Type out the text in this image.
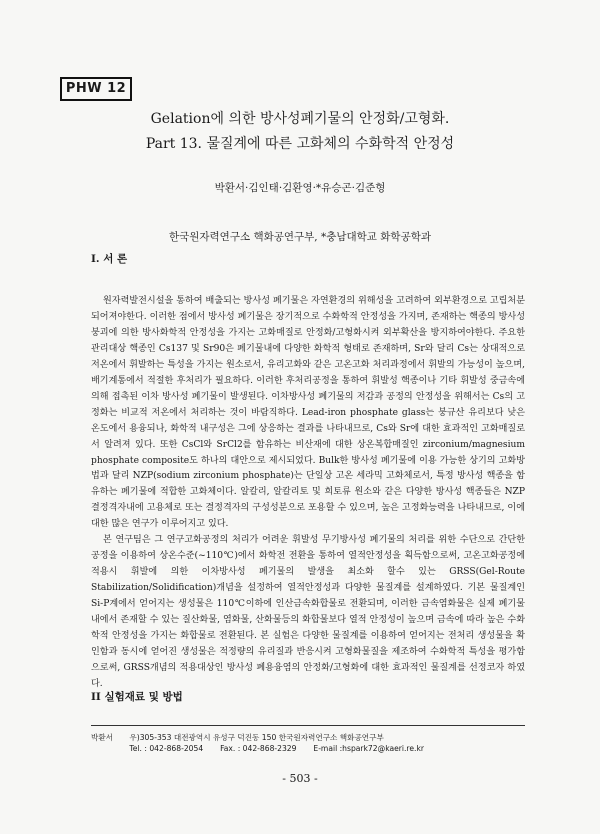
PHW 12
Gelation에 의한 방사성폐기물의 안정화/고형화.
Part 13. 물질계에 따른 고화체의 수화학적 안정성
박환서·김인태·김환영·*유승곤·김준형
한국원자력연구소 핵화공연구부, *충남대학교 화학공학과
I. 서 론

원자력발전시설을 통하여 배출되는 방사성 폐기물은 자연환경의 위해성을 고려하여 외부환경으로 고립처분 되어져야한다. 이러한 점에서 방사성 폐기물은 장기적으로 수화학적 안정성을 가지며, 존재하는 핵종의 방사성붕괴에 의한 방사화학적 안정성을 가지는 고화매질로 안정화/고형화시켜 외부확산을 방지하여야한다. 주요한 관리대상 핵종인 Cs137 및 Sr90은 폐기물내에 다양한 화학적 형태로 존재하며, Sr와 달리 Cs는 상대적으로 저온에서 휘발하는 특성을 가지는 원소로서, 유리고화와 같은 고온고화 처리과정에서 휘발의 가능성이 높으며, 배기계통에서 적절한 후처리가 필요하다. 이러한 후처리공정을 통하여 휘발성 핵종이나 기타 휘발성 중금속에 의해 접촉된 이차 방사성 폐기물이 발생된다. 이차방사성 폐기물의 저감과 공정의 안정성을 위해서는 Cs의 고정화는 비교적 저온에서 처리하는 것이 바람직하다. Lead-iron phosphate glass는 붕규산 유리보다 낮은 온도에서 용융되나, 화학적 내구성은 그에 상응하는 결과를 나타내므로, Cs와 Sr에 대한 효과적인 고화매질로서 알려져 있다. 또한 CsCl와 SrCl2를 함유하는 비산재에 대한 상온복합매질인 zirconium/magnesium phosphate composite도 하나의 대안으로 제시되었다. Bulk한 방사성 폐기물에 이용 가능한 상기의 고화방법과 달리 NZP(sodium zirconium phosphate)는 단일상 고온 세라믹 고화체로서, 특정 방사성 핵종을 함유하는 폐기물에 적합한 고화체이다. 알칼리, 알칼리토 및 희토류 원소와 같은 다양한 방사성 핵종들은 NZP 결정격자내에 고용체로 또는 결정격자의 구성성분으로 포용할 수 있으며, 높은 고정화능력을 나타내므로, 이에 대한 많은 연구가 이루어지고 있다.

본 연구팀은 그 연구고화공정의 처리가 어려운 휘발성 무기방사성 폐기물의 처리를 위한 수단으로 간단한 공정을 이용하여 상온수준(~110℃)에서 화학전 전환을 통하여 열적안정성을 획득함으로써, 고온고화공정에 적용시 휘발에 의한 이차방사성 폐기물의 발생을 최소화 할수 있는 GRSS(Gel-Route Stabilization/Solidification)개념을 설정하여 열적안정성과 다양한 물질계를 설계하였다. 기본 물질계인 Si-P계에서 얻어지는 생성물은 110℃이하에 인산금속화합물로 전환되며, 이러한 금속염화물은 실제 폐기물내에서 존재할 수 있는 질산화물, 염화물, 산화물등의 화합물보다 열적 안정성이 높으며 금속에 따라 높은 수화학적 안정성을 가지는 화합물로 전환된다. 본 실험은 다양한 물질계를 이용하여 얻어지는 전처리 생성물을 확인함과 동시에 얻어진 생성물은 적정량의 유리질과 반응시켜 고형화물질을 제조하여 수화학적 특성을 평가함으로써, GRSS개념의 적용대상인 방사성 폐용융염의 안정화/고형화에 대한 효과적인 물질계를 선정코자 하였다.

II 실험재료 및 방법
박환서 우)305-353 대전광역시 유성구 덕진동 150 한국원자력연구소 핵화공연구부
Tel. : 042-868-2054 Fax. : 042-868-2329 E-mail :hspark72@kaeri.re.kr
- 503 -
